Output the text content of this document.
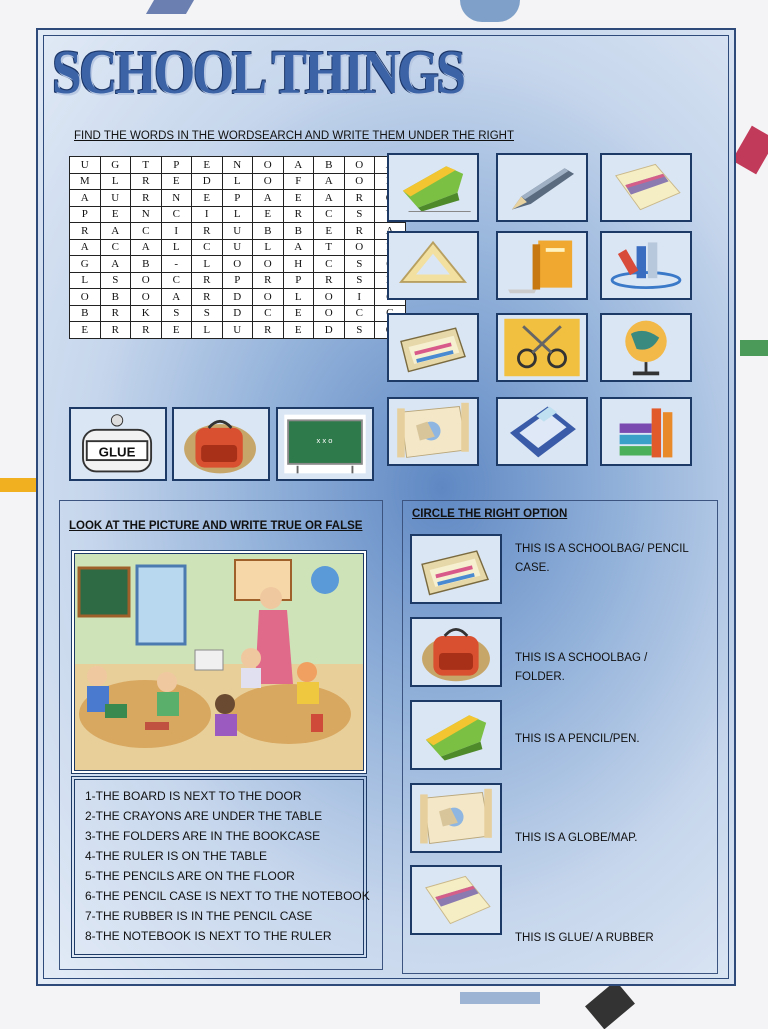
SCHOOL THINGS
FIND THE WORDS IN THE WORDSEARCH AND WRITE THEM UNDER THE RIGHT
U	G	T	P	E	N	O	A	B	O	
M	L	R	E	D	L	O	F	A	O	
A	U	R	N	E	P	A	E	A	R	
P	E	N	C	I	L	E	R	C	S	
R	A	C	I	R	U	B	B	E	R	
A	C	A	L	C	U	L	A	T	O	
G	A	B	-	L	O	O	H	C	S	
L	S	O	C	R	P	R	P	R	S	
O	B	O	A	R	D	O	L	O	I	
B	R	K	S	S	D	C	E	O	C	
E	R	R	E	L	U	R	E	D	S	
GLUE
x x o
LOOK AT THE PICTURE AND WRITE TRUE OR FALSE
1-THE BOARD IS NEXT TO THE DOOR
2-THE CRAYONS ARE UNDER THE TABLE
3-THE FOLDERS ARE IN THE BOOKCASE
4-THE RULER IS ON THE TABLE
5-THE PENCILS ARE ON THE FLOOR
6-THE PENCIL CASE IS NEXT TO THE NOTEBOOK
7-THE RUBBER IS IN THE PENCIL CASE
8-THE NOTEBOOK IS NEXT TO THE RULER
CIRCLE THE RIGHT OPTION
THIS IS A SCHOOLBAG/ PENCIL CASE.
THIS IS A SCHOOLBAG / FOLDER.
THIS IS A PENCIL/PEN.
THIS IS A GLOBE/MAP.
THIS IS GLUE/ A RUBBER
